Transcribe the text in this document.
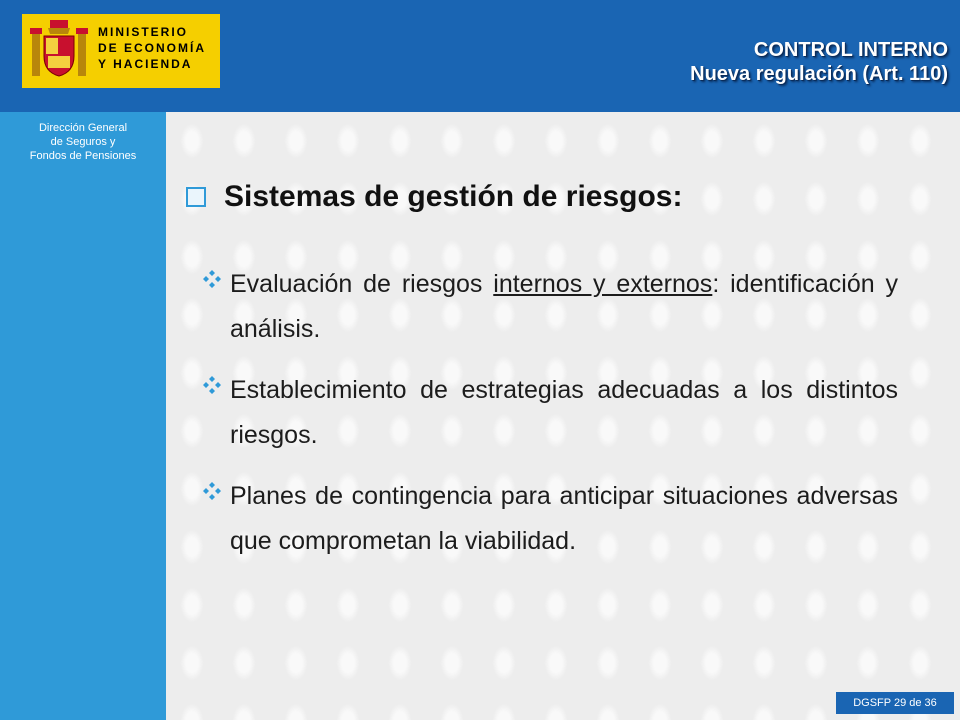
MINISTERIO
DE ECONOMÍA
Y HACIENDA
Dirección General
de Seguros y
Fondos de Pensiones
CONTROL INTERNO
Nueva regulación (Art. 110)
Sistemas de gestión de riesgos:
Evaluación de riesgos internos y externos: identificación y análisis.
Establecimiento de estrategias adecuadas a los distintos riesgos.
Planes de contingencia para anticipar situaciones adversas que comprometan la viabilidad.
DGSFP 29 de 36
